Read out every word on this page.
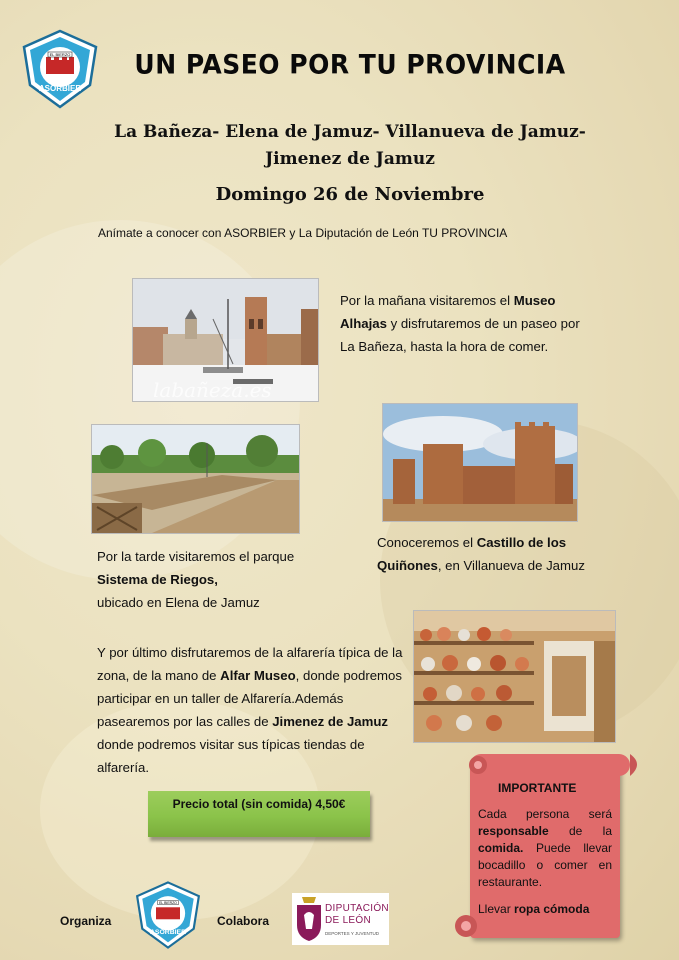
EL BIERZO
ASORBIER
UN PASEO POR TU PROVINCIA
La Bañeza- Elena de Jamuz- Villanueva de Jamuz-
Jimenez de Jamuz
Domingo 26 de Noviembre
Anímate a conocer con ASORBIER y La Diputación de León TU PROVINCIA
labañeza.es
Por la mañana visitaremos el Museo Alhajas y disfrutaremos de un paseo por La Bañeza, hasta la hora de comer.
Por la tarde visitaremos el parque
Sistema de Riegos,
ubicado en Elena de Jamuz
Conoceremos el Castillo de los Quiñones, en Villanueva de Jamuz
Y por último disfrutaremos de la alfarería típica de la zona, de la mano de Alfar Museo, donde podremos participar en un taller de Alfarería.Además pasearemos por las calles de Jimenez de Jamuz donde podremos visitar sus típicas tiendas de alfarería.
Precio total (sin comida) 4,50€
IMPORTANTE
Cada persona será responsable de la comida. Puede llevar bocadillo o comer en restaurante.
Llevar ropa cómoda
Organiza
EL BIERZO
ASORBIER
Colabora
DIPUTACIÓN
DE LEÓN
DEPORTES Y JUVENTUD
